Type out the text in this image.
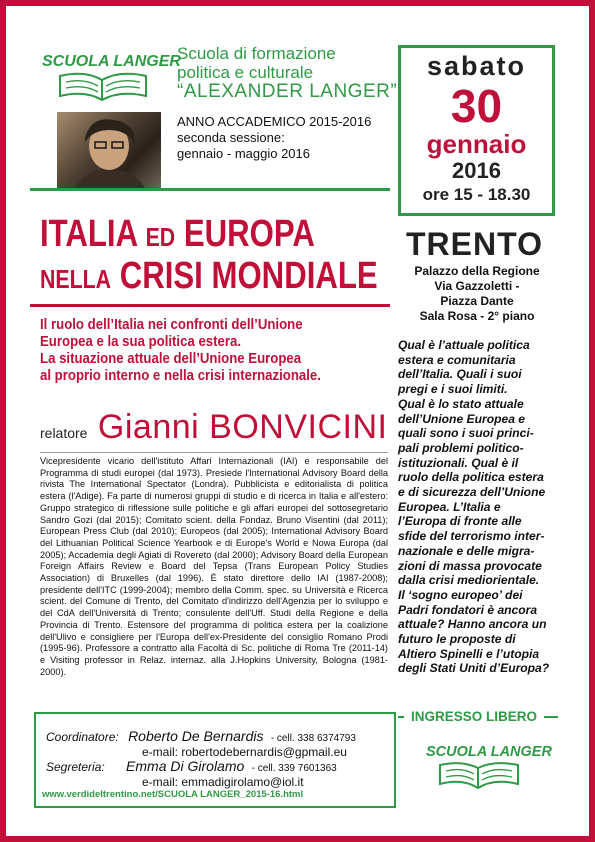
SCUOLA LANGER
Scuola di formazione
politica e culturale
“ALEXANDER LANGER”
ANNO ACCADEMICO 2015-2016
seconda sessione:
gennaio - maggio 2016
sabato
30
gennaio
2016
ore 15 - 18.30
ITALIA ED EUROPA
NELLA CRISI MONDIALE
TRENTO
Palazzo della Regione
Via Gazzoletti -
Piazza Dante
Sala Rosa - 2° piano
Il ruolo dell’Italia nei confronti dell’Unione
Europea e la sua politica estera.
La situazione attuale dell’Unione Europea
al proprio interno e nella crisi internazionale.
relatore Gianni BONVICINI
Vicepresidente vicario dell'istituto Affari Internazionali (IAI) e responsabile del Programma di studi europei (dal 1973). Presiede l'International Advisory Board della rivista The International Spectator (Londra). Pubblicista e editorialista di politica estera (l'Adige). Fa parte di numerosi gruppi di studio e di ricerca in Italia e all'estero: Gruppo strategico di riflessione sulle politiche e gli affari europei del sottosegretario Sandro Gozi (dal 2015); Comitato scient. della Fondaz. Bruno Visentini (dal 2011); European Press Club (dal 2010); Europeos (dal 2005); International Advisory Board del Lithuanian Political Science Yearbook e di Europe's World e Nowa Europa (dal 2005); Accademia degli Agiati di Rovereto (dal 2000); Advisory Board della European Foreign Affairs Review e Board del Tepsa (Trans European Policy Studies Association) di Bruxelles (dal 1996). È stato direttore dello IAI (1987-2008); presidente dell'ITC (1999-2004); membro della Comm. spec. su Università e Ricerca scient. del Comune di Trento, del Comitato d'indirizzo dell'Agenzia per lo sviluppo e del CdA dell'Università di Trento; consulente dell'Uff. Studi della Regione e della Provincia di Trento. Estensore del programma di politica estera per la coalizione dell'Ulivo e consigliere per l'Europa dell'ex-Presidente del consiglio Romano Prodi (1995-96). Professore a contratto alla Facoltà di Sc. politiche di Roma Tre (2011-14) e Visiting professor in Relaz. internaz. alla J.Hopkins University, Bologna (1981-2000).
Qual è l’attuale politica
estera e comunitaria
dell’Italia. Quali i suoi
pregi e i suoi limiti.
Qual è lo stato attuale
dell’Unione Europea e
quali sono i suoi princi-
pali problemi politico-
istituzionali. Qual è il
ruolo della politica estera
e di sicurezza dell’Unione
Europea. L’Italia e
l’Europa di fronte alle
sfide del terrorismo inter-
nazionale e delle migra-
zioni di massa provocate
dalla crisi mediorientale.
Il ‘sogno europeo’ dei
Padri fondatori è ancora
attuale? Hanno ancora un
futuro le proposte di
Altiero Spinelli e l’utopia
degli Stati Uniti d’Europa?
Coordinatore: Roberto De Bernardis - cell. 338 6374793
e-mail: robertodebernardis@gpmail.eu
Segreteria: Emma Di Girolamo - cell. 339 7601363
e-mail: emmadigirolamo@iol.it
www.verdideltrentino.net/SCUOLA LANGER_2015-16.html
INGRESSO LIBERO
SCUOLA LANGER
